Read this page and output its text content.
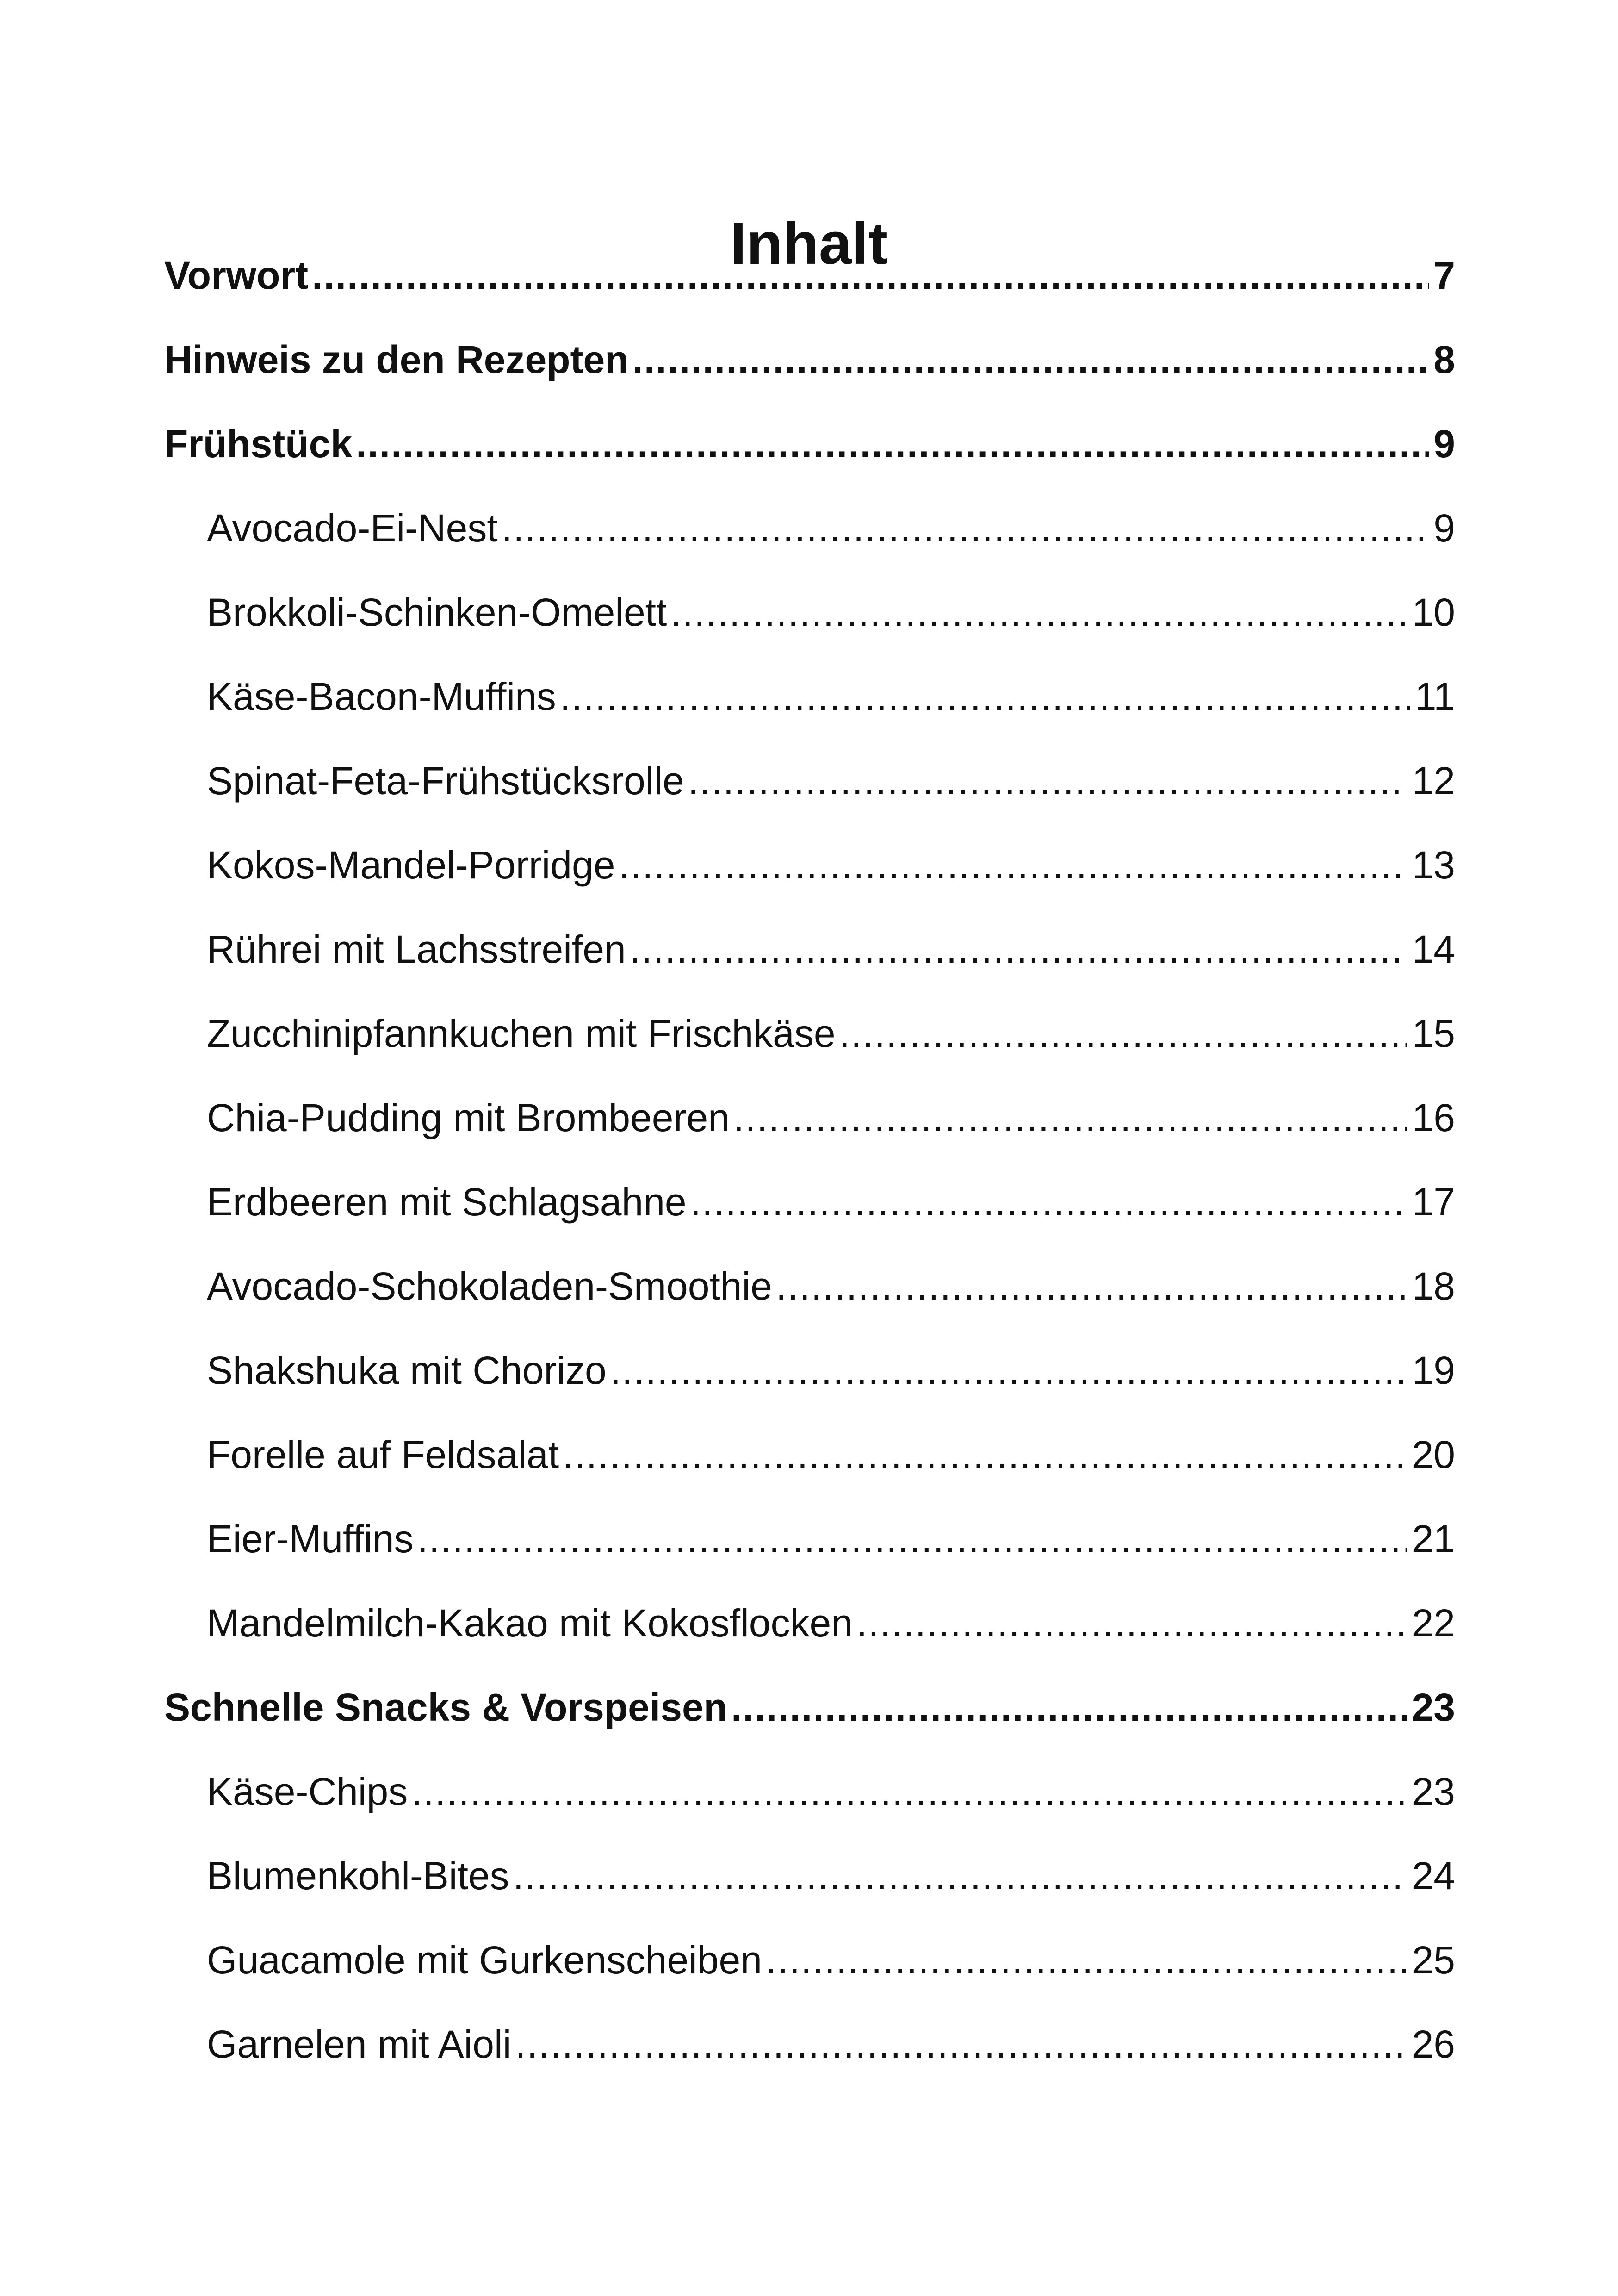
Inhalt
Vorwort .....	7
Hinweis zu den Rezepten .....	8
Frühstück .....	9
Avocado-Ei-Nest .....	9
Brokkoli-Schinken-Omelett .....	10
Käse-Bacon-Muffins .....	11
Spinat-Feta-Frühstücksrolle .....	12
Kokos-Mandel-Porridge .....	13
Rührei mit Lachsstreifen .....	14
Zucchinipfannkuchen mit Frischkäse .....	15
Chia-Pudding mit Brombeeren .....	16
Erdbeeren mit Schlagsahne .....	17
Avocado-Schokoladen-Smoothie .....	18
Shakshuka mit Chorizo .....	19
Forelle auf Feldsalat .....	20
Eier-Muffins .....	21
Mandelmilch-Kakao mit Kokosflocken .....	22
Schnelle Snacks & Vorspeisen .....	23
Käse-Chips .....	23
Blumenkohl-Bites .....	24
Guacamole mit Gurkenscheiben .....	25
Garnelen mit Aioli .....	26
